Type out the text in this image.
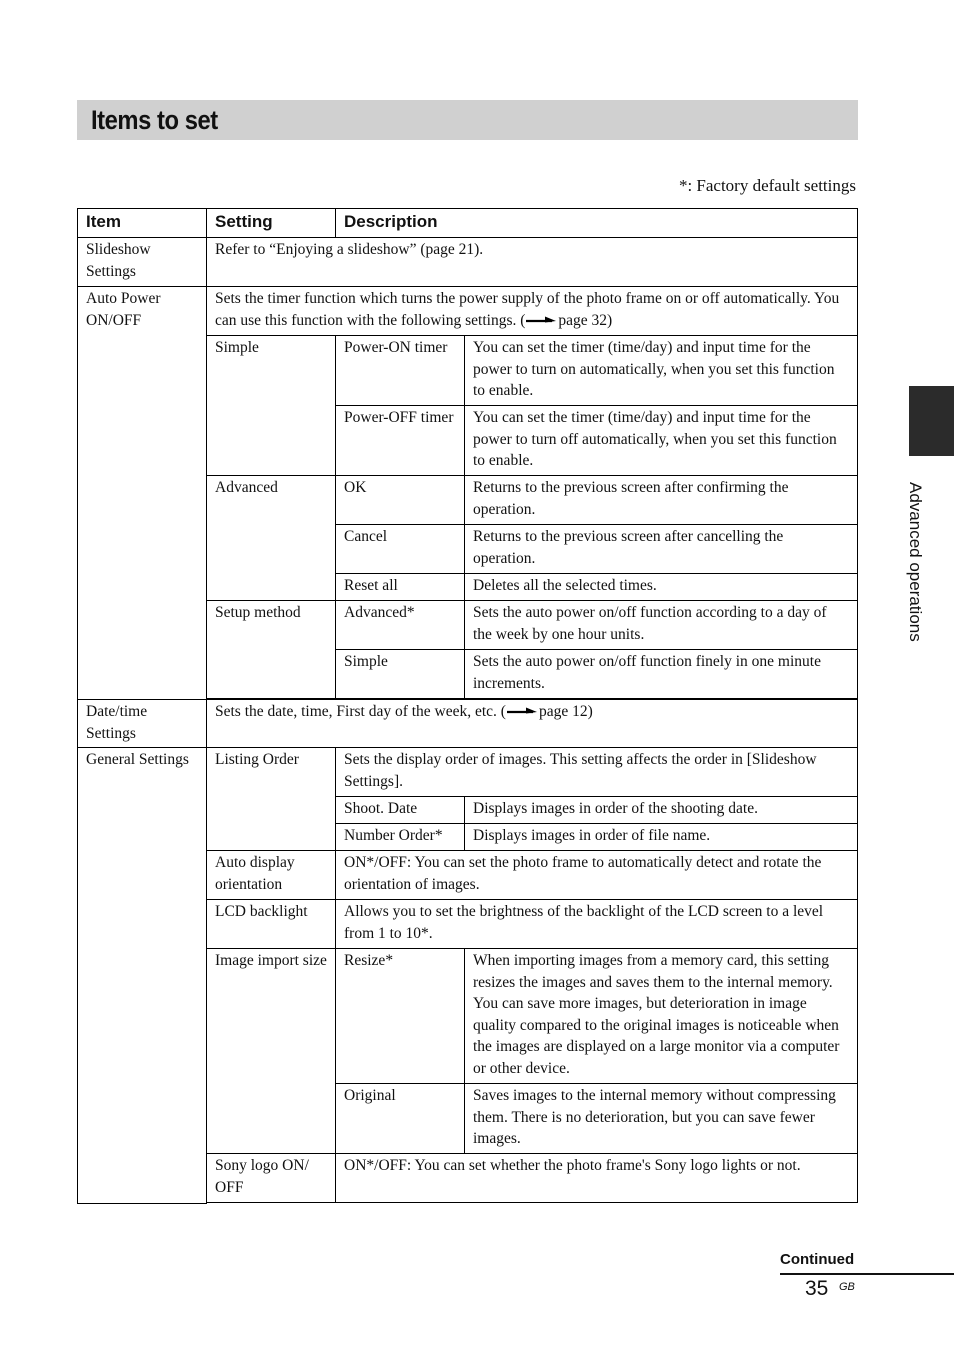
Items to set
*: Factory default settings
Item	Setting	Description	
Slideshow Settings	Refer to “Enjoying a slideshow” (page 21).		
Auto Power ON/OFF	Sets the timer function which turns the power supply of the photo frame on or off automatically. You can use this function with the following settings. ( page 32)		
	Simple	Power-ON timer	You can set the timer (time/day) and input time for the power to turn on automatically, when you set this function to enable.
		Power-OFF timer	You can set the timer (time/day) and input time for the power to turn off automatically, when you set this function to enable.
	Advanced	OK	Returns to the previous screen after confirming the operation.
		Cancel	Returns to the previous screen after cancelling the operation.
		Reset all	Deletes all the selected times.
	Setup method	Advanced*	Sets the auto power on/off function according to a day of the week by one hour units.
		Simple	Sets the auto power on/off function finely in one minute increments.

Date/time Settings	Sets the date, time, First day of the week, etc. ( page 12)		
General Settings	Listing Order	Sets the display order of images. This setting affects the order in [Slideshow Settings].	
		Shoot. Date	Displays images in order of the shooting date.
		Number Order*	Displays images in order of file name.
	Auto display orientation	ON*/OFF: You can set the photo frame to automatically detect and rotate the orientation of images.	
	LCD backlight	Allows you to set the brightness of the backlight of the LCD screen to a level from 1 to 10*.	
	Image import size	Resize*	When importing images from a memory card, this setting resizes the images and saves them to the internal memory. You can save more images, but deterioration in image quality compared to the original images is noticeable when the images are displayed on a large monitor via a computer or other device.
		Original	Saves images to the internal memory without compressing them. There is no deterioration, but you can save fewer images.
	Sony logo ON/ OFF	ON*/OFF: You can set whether the photo frame's Sony logo lights or not.	

Advanced operations
Continued
35 GB
